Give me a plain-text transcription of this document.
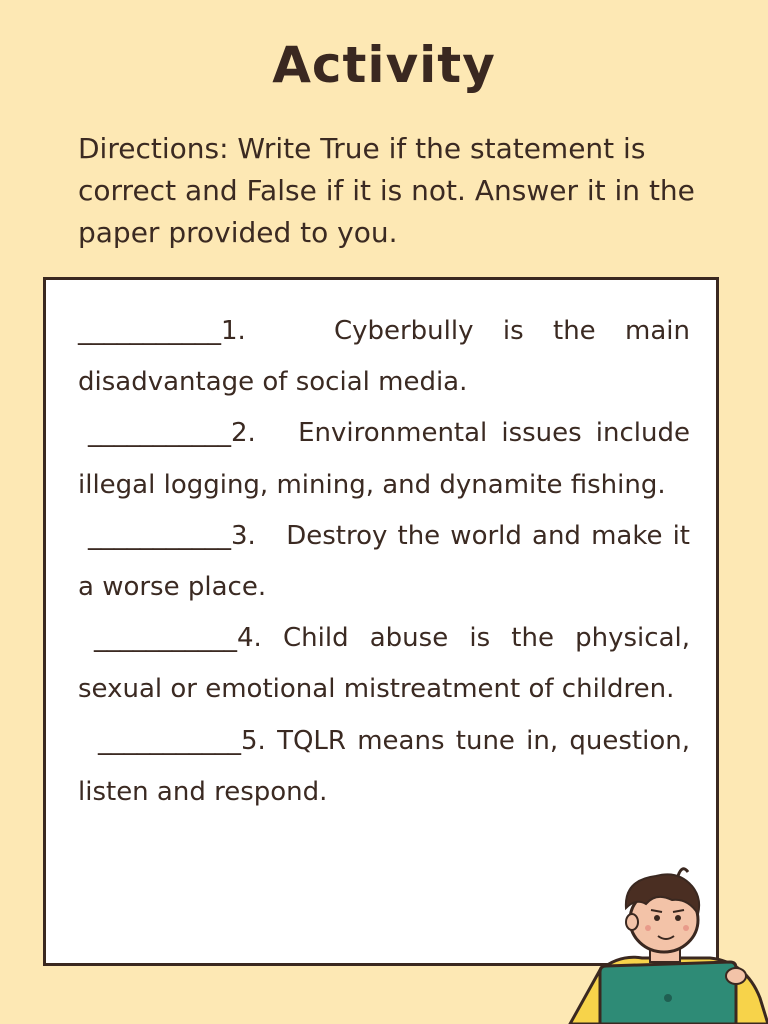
Activity
Directions: Write True if the statement is correct and False if it is not. Answer it in the paper provided to you.

___________1.	Cyberbully is the main disadvantage of social media.

___________2. Environmental issues include illegal logging, mining, and dynamite fishing.

___________3. Destroy the world and make it a worse place.

___________4. Child abuse is the physical, sexual or emotional mistreatment of children.

___________5. TQLR means tune in, question, listen and respond.
